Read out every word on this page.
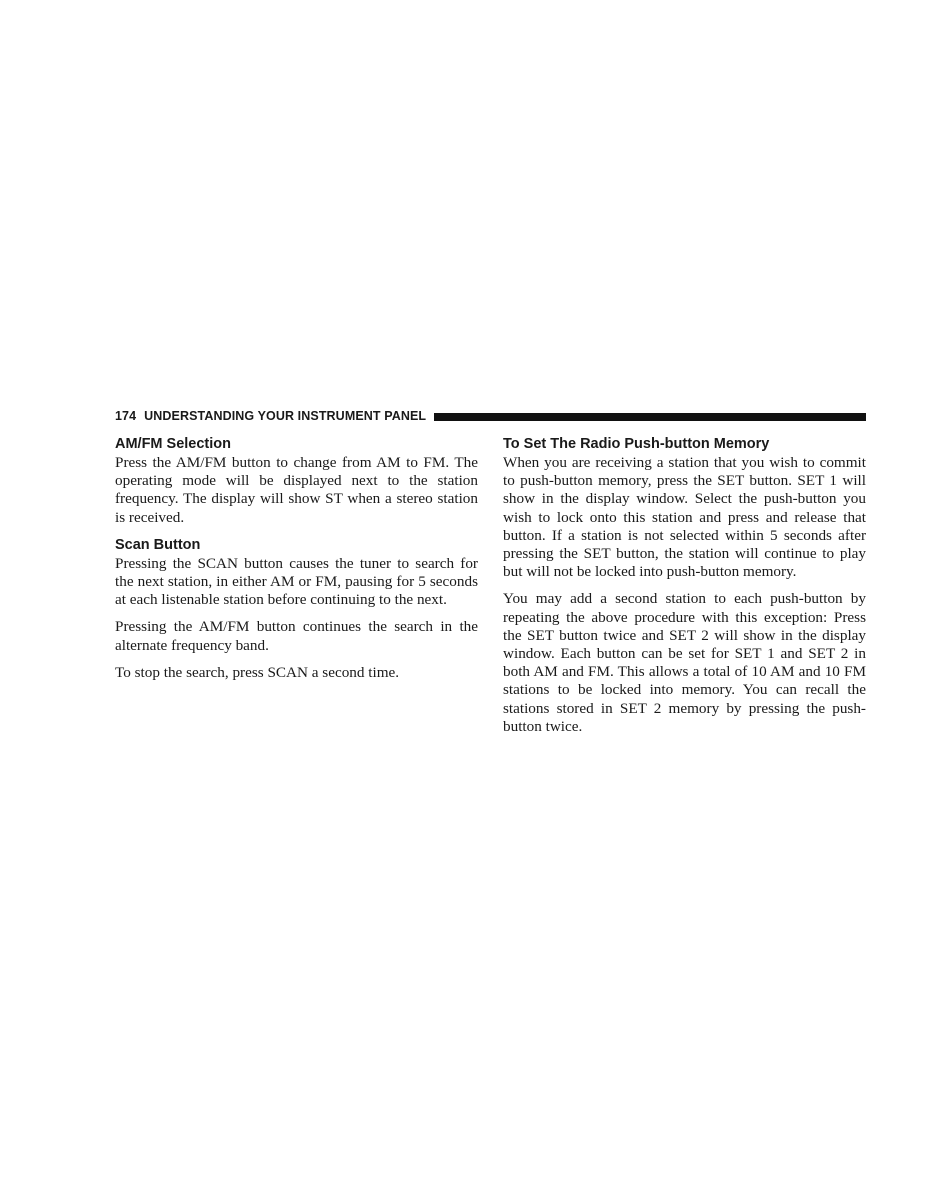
174 UNDERSTANDING YOUR INSTRUMENT PANEL
AM/FM Selection

Press the AM/FM button to change from AM to FM. The operating mode will be displayed next to the station frequency. The display will show ST when a stereo station is received.

Scan Button

Pressing the SCAN button causes the tuner to search for the next station, in either AM or FM, pausing for 5 seconds at each listenable station before continuing to the next.

Pressing the AM/FM button continues the search in the alternate frequency band.

To stop the search, press SCAN a second time.

To Set The Radio Push-button Memory

When you are receiving a station that you wish to commit to push-button memory, press the SET button. SET 1 will show in the display window. Select the push-button you wish to lock onto this station and press and release that button. If a station is not selected within 5 seconds after pressing the SET button, the station will continue to play but will not be locked into push-button memory.

You may add a second station to each push-button by repeating the above procedure with this exception: Press the SET button twice and SET 2 will show in the display window. Each button can be set for SET 1 and SET 2 in both AM and FM. This allows a total of 10 AM and 10 FM stations to be locked into memory. You can recall the stations stored in SET 2 memory by pressing the push-button twice.
